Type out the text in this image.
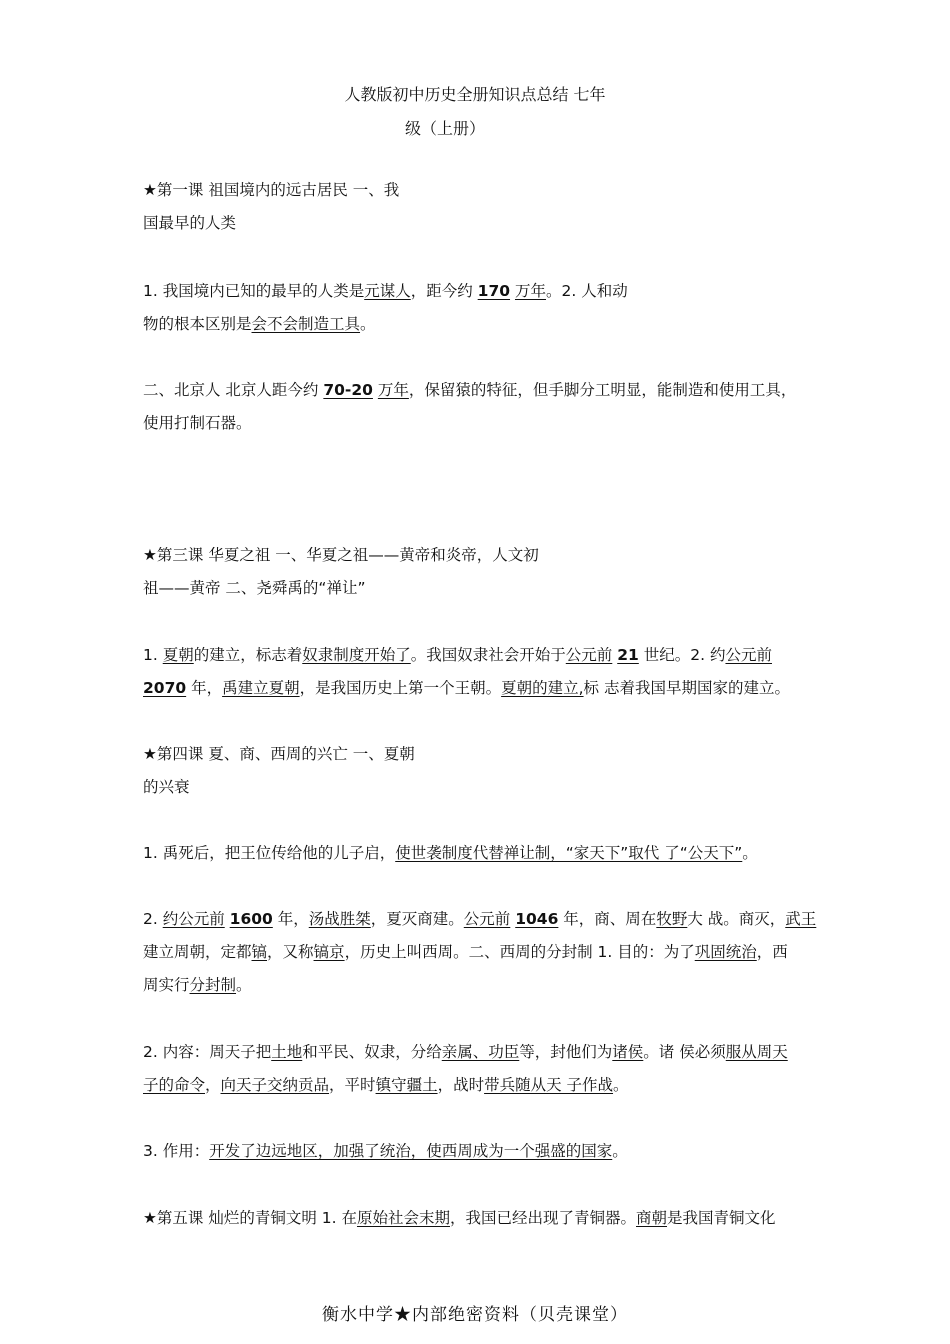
人教版初中历史全册知识点总结 七年
级（上册）
★第一课 祖国境内的远古居民 一、我
国最早的人类
1. 我国境内已知的最早的人类是元谋人，距今约 170 万年。2. 人和动
物的根本区别是会不会制造工具。
二、北京人 北京人距今约 70-20 万年，保留猿的特征，但手脚分工明显，能制造和使用工具，
使用打制石器。
★第三课 华夏之祖 一、华夏之祖——黄帝和炎帝，人文初
祖——黄帝 二、尧舜禹的“禅让”
1. 夏朝的建立，标志着奴隶制度开始了。我国奴隶社会开始于公元前 21 世纪。2. 约公元前
2070 年，禹建立夏朝，是我国历史上第一个王朝。夏朝的建立,标 志着我国早期国家的建立。
★第四课 夏、商、西周的兴亡 一、夏朝
的兴衰
1. 禹死后，把王位传给他的儿子启，使世袭制度代替禅让制，“家天下”取代 了“公天下”。
2. 约公元前 1600 年，汤战胜桀，夏灭商建。公元前 1046 年，商、周在牧野大 战。商灭，武王
建立周朝，定都镐，又称镐京，历史上叫西周。二、西周的分封制 1. 目的：为了巩固统治，西
周实行分封制。
2. 内容：周天子把土地和平民、奴隶，分给亲属、功臣等，封他们为诸侯。诸 侯必须服从周天
子的命令，向天子交纳贡品，平时镇守疆土，战时带兵随从天 子作战。
3. 作用：开发了边远地区，加强了统治，使西周成为一个强盛的国家。
★第五课 灿烂的青铜文明 1. 在原始社会末期，我国已经出现了青铜器。商朝是我国青铜文化
衡水中学★内部绝密资料（贝壳课堂）
